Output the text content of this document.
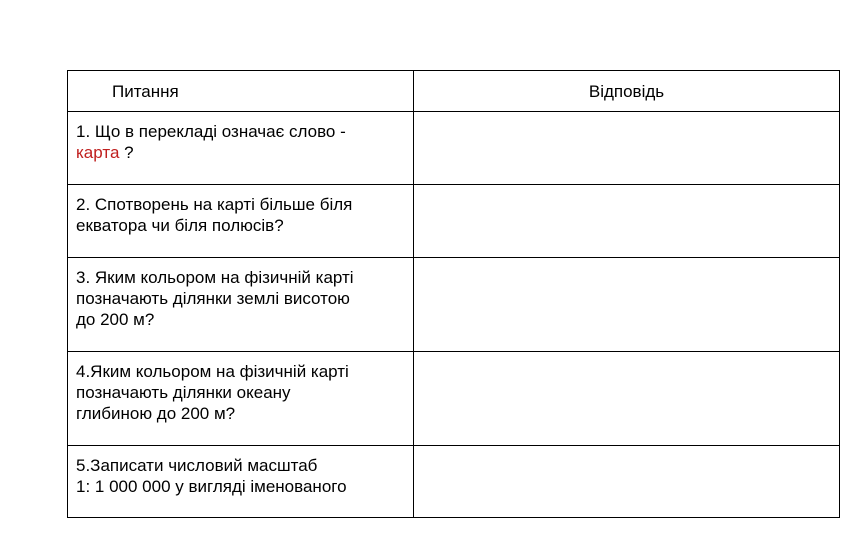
Питання	Відповідь

1. Що в перекладі означає слово -
карта ?	

2. Спотворень на карті більше біля
екватора чи біля полюсів?	

3. Яким кольором на фізичній карті
позначають ділянки землі висотою
до 200 м?	

4.Яким кольором на фізичній карті
позначають ділянки океану
глибиною до 200 м?	

5.Записати числовий масштаб
1: 1 000 000 у вигляді іменованого	
